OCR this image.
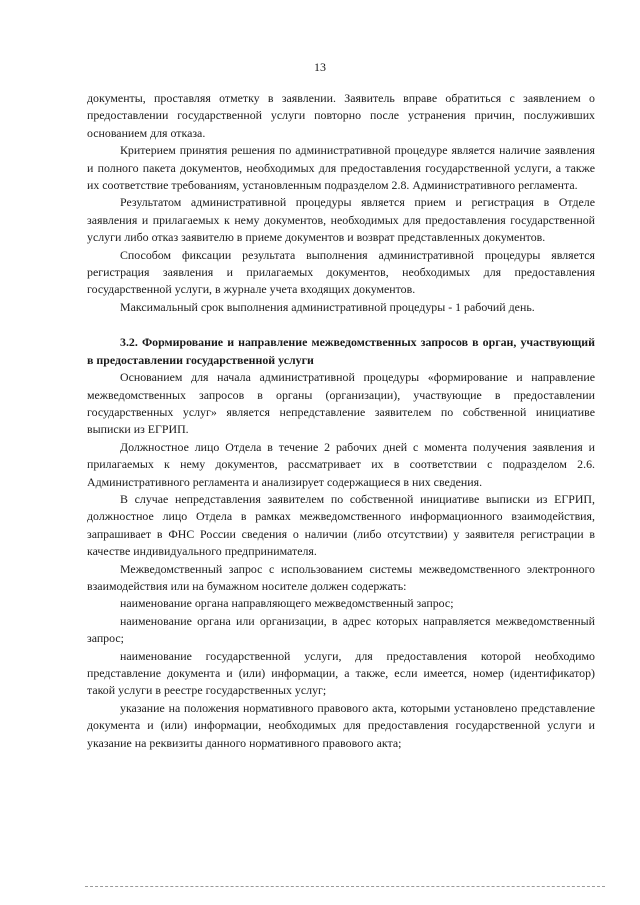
13

документы, проставляя отметку в заявлении. Заявитель вправе обратиться с заявлением о предоставлении государственной услуги повторно после устранения причин, послуживших основанием для отказа.

Критерием принятия решения по административной процедуре является наличие заявления и полного пакета документов, необходимых для предоставления государственной услуги, а также их соответствие требованиям, установленным подразделом 2.8. Административного регламента.

Результатом административной процедуры является прием и регистрация в Отделе заявления и прилагаемых к нему документов, необходимых для предоставления государственной услуги либо отказ заявителю в приеме документов и возврат представленных документов.

Способом фиксации результата выполнения административной процедуры является регистрация заявления и прилагаемых документов, необходимых для предоставления государственной услуги, в журнале учета входящих документов.

Максимальный срок выполнения административной процедуры - 1 рабочий день.

3.2. Формирование и направление межведомственных запросов в орган, участвующий в предоставлении государственной услуги

Основанием для начала административной процедуры «формирование и направление межведомственных запросов в органы (организации), участвующие в предоставлении государственных услуг» является непредставление заявителем по собственной инициативе выписки из ЕГРИП.

Должностное лицо Отдела в течение 2 рабочих дней с момента получения заявления и прилагаемых к нему документов, рассматривает их в соответствии с подразделом 2.6. Административного регламента и анализирует содержащиеся в них сведения.

В случае непредставления заявителем по собственной инициативе выписки из ЕГРИП, должностное лицо Отдела в рамках межведомственного информационного взаимодействия, запрашивает в ФНС России сведения о наличии (либо отсутствии) у заявителя регистрации в качестве индивидуального предпринимателя.

Межведомственный запрос с использованием системы межведомственного электронного взаимодействия или на бумажном носителе должен содержать:

наименование органа направляющего межведомственный запрос;

наименование органа или организации, в адрес которых направляется межведомственный запрос;

наименование государственной услуги, для предоставления которой необходимо представление документа и (или) информации, а также, если имеется, номер (идентификатор) такой услуги в реестре государственных услуг;

указание на положения нормативного правового акта, которыми установлено представление документа и (или) информации, необходимых для предоставления государственной услуги и указание на реквизиты данного нормативного правового акта;
